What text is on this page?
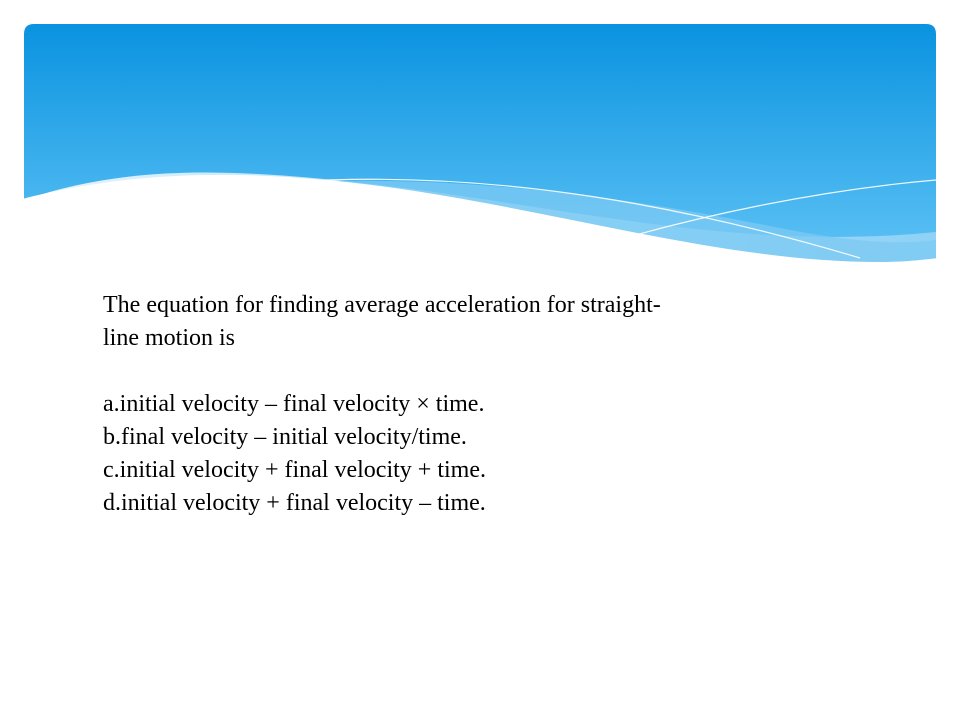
The equation for finding average acceleration for straight-
line motion is

a.initial velocity – final velocity × time.

b.final velocity – initial velocity/time.

c.initial velocity + final velocity + time.

d.initial velocity + final velocity – time.
